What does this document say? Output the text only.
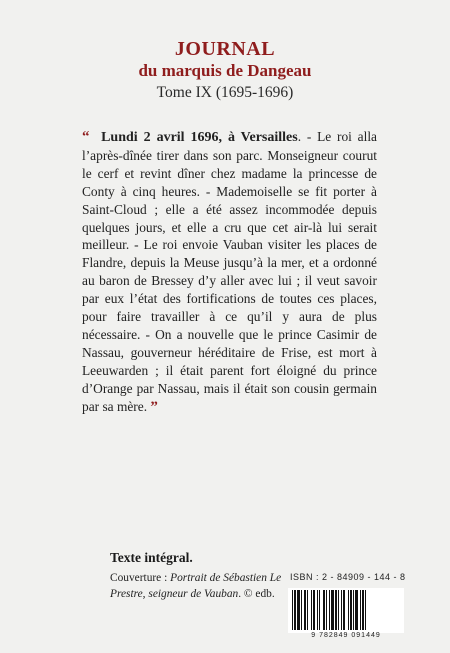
JOURNAL
du marquis de Dangeau
Tome IX (1695-1696)

“ Lundi 2 avril 1696, à Versailles. - Le roi alla l’après-dînée tirer dans son parc. Monseigneur courut le cerf et revint dîner chez madame la princesse de Conty à cinq heures. - Mademoiselle se fit porter à Saint-Cloud ; elle a été assez incommodée depuis quelques jours, et elle a cru que cet air-là lui serait meilleur. - Le roi envoie Vauban visiter les places de Flandre, depuis la Meuse jusqu’à la mer, et a ordonné au baron de Bressey d’y aller avec lui ; il veut savoir par eux l’état des fortifications de toutes ces places, pour faire travailler à ce qu’il y aura de plus nécessaire. - On a nouvelle que le prince Casimir de Nassau, gouverneur héréditaire de Frise, est mort à Leeuwarden ; il était parent fort éloigné du prince d’Orange par Nassau, mais il était son cousin germain par sa mère. ”

Texte intégral.
Couverture : Portrait de Sébastien Le Prestre, seigneur de Vauban. © edb.
ISBN : 2 - 84909 - 144 - 8
9 782849 091449
